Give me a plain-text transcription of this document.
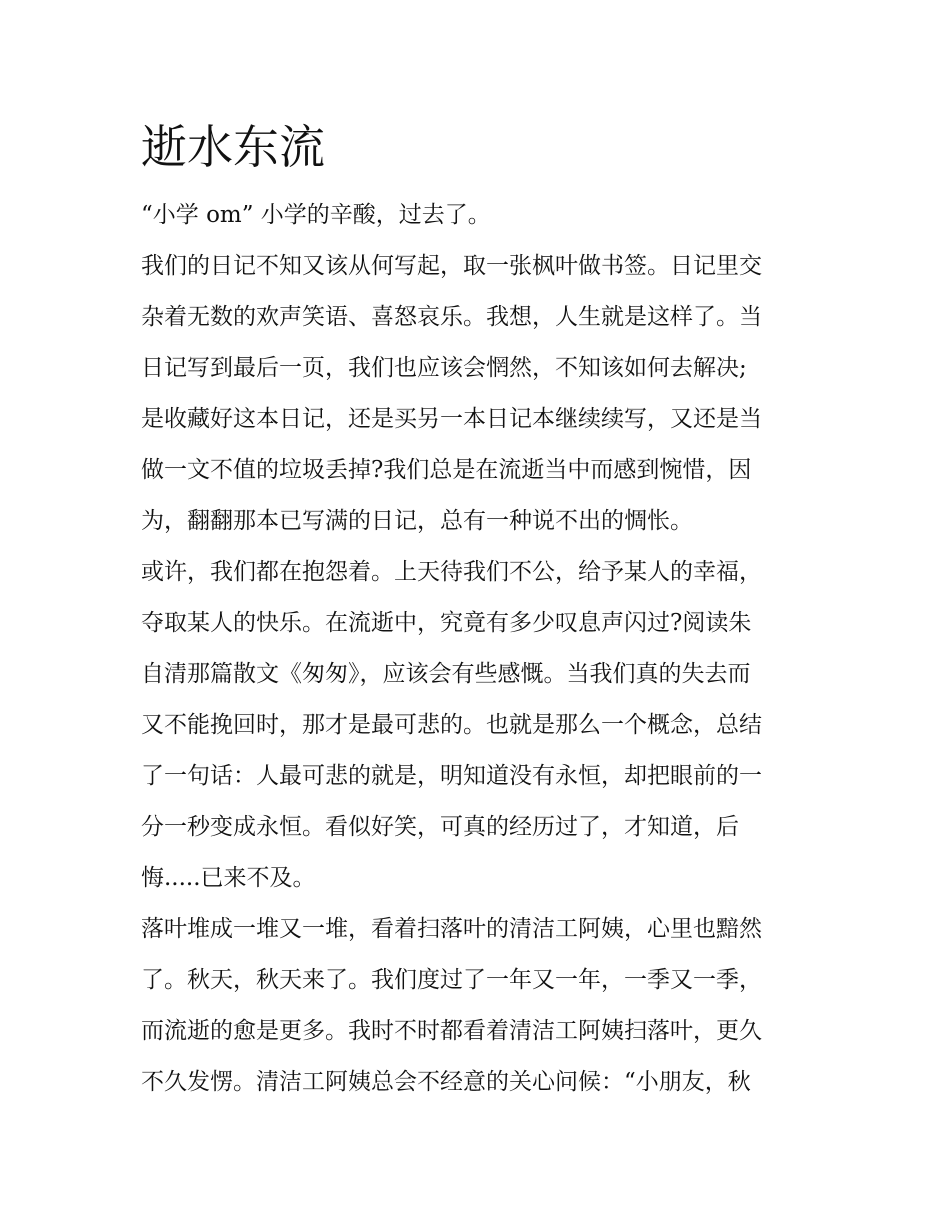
逝水东流

“小学 om” 小学的辛酸，过去了。

我们的日记不知又该从何写起，取一张枫叶做书签。日记里交

杂着无数的欢声笑语、喜怒哀乐。我想，人生就是这样了。当

日记写到最后一页，我们也应该会惘然，不知该如何去解决;

是收藏好这本日记，还是买另一本日记本继续续写，又还是当

做一文不值的垃圾丢掉?我们总是在流逝当中而感到惋惜，因

为，翻翻那本已写满的日记，总有一种说不出的惆怅。

或许，我们都在抱怨着。上天待我们不公，给予某人的幸福，

夺取某人的快乐。在流逝中，究竟有多少叹息声闪过?阅读朱

自清那篇散文《匆匆》，应该会有些感慨。当我们真的失去而

又不能挽回时，那才是最可悲的。也就是那么一个概念，总结

了一句话：人最可悲的就是，明知道没有永恒，却把眼前的一

分一秒变成永恒。看似好笑，可真的经历过了，才知道，后

悔.....已来不及。

落叶堆成一堆又一堆，看着扫落叶的清洁工阿姨，心里也黯然

了。秋天，秋天来了。我们度过了一年又一年，一季又一季，

而流逝的愈是更多。我时不时都看着清洁工阿姨扫落叶，更久

不久发愣。清洁工阿姨总会不经意的关心问候：“小朋友，秋
